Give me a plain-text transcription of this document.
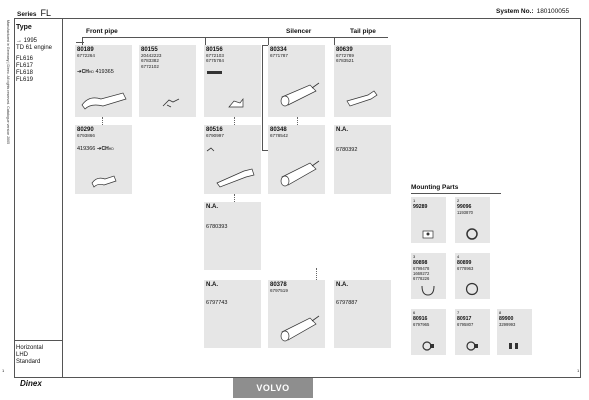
Series FL	System No.: 180100055
Manufactured in Germany | Dinex. All rights reserved. Catalogue version 2005 Type
→ 1995
TD 61 engine
FL616
FL617
FL618
FL619
Horizontal
LHD
Standard
Front pipe	Silencer	Tail pipe
80189
6772264
➔CHHD 419365
80155
20442223
6783382
6772102
80156
6772103
6775784
80334
6771787
80639
6772789
6783521
80290
6793866
419366 ➔CHHD
80516
6790997
80348
6778542
N.A.
6780392
N.A.
6780393
N.A.
6797743
80378
6797519
N.A.
6797887
Mounting Parts
1
99289
2
99096
1193870
3
80898
6799478
1669272
6778226
4
80899
6778963
6
80916
6797965
7
80917
6795807
8
89900
3299993
Dinex	VOLVO
1	1
